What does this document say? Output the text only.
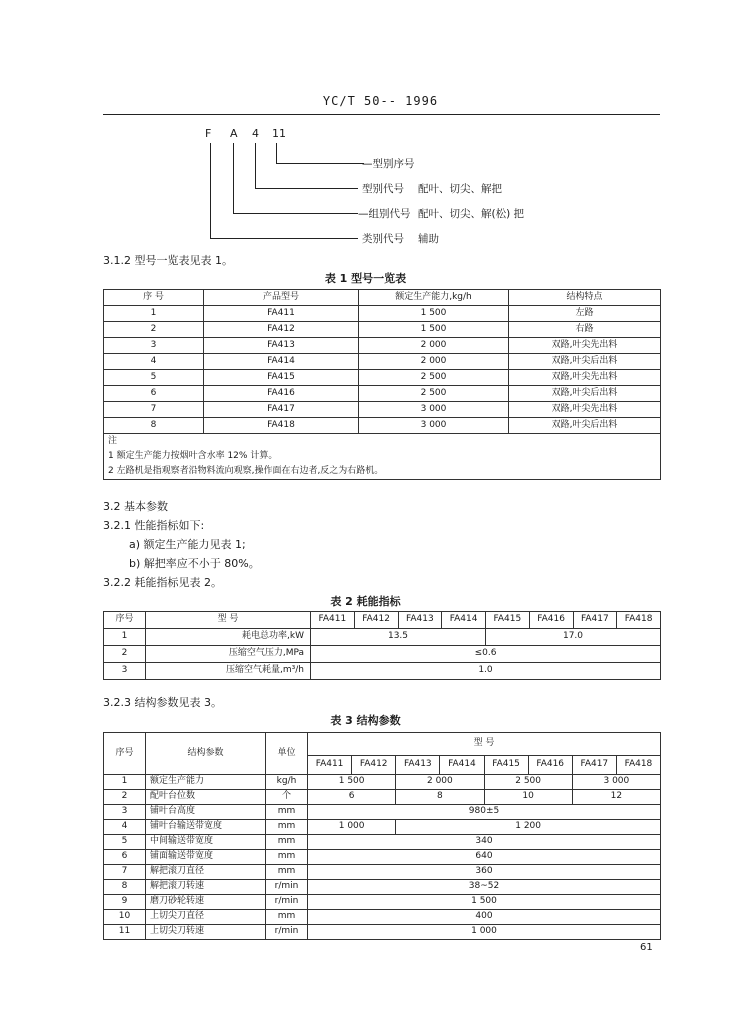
YC/T 50-- 1996
F A 4 11
—型别序号
型别代号 配叶、切尖、解把
—组别代号 配叶、切尖、解(松) 把
类别代号 辅助
3.1.2 型号一览表见表 1。
表 1 型号一览表
序 号	产品型号	额定生产能力,kg/h	结构特点
1	FA411	1 500	左路
2	FA412	1 500	右路
3	FA413	2 000	双路,叶尖先出料
4	FA414	2 000	双路,叶尖后出料
5	FA415	2 500	双路,叶尖先出料
6	FA416	2 500	双路,叶尖后出料
7	FA417	3 000	双路,叶尖先出料
8	FA418	3 000	双路,叶尖后出料

注
1 额定生产能力按烟叶含水率 12% 计算。
2 左路机是指观察者沿物料流向观察,操作面在右边者,反之为右路机。			
3.2 基本参数
3.2.1 性能指标如下:
a) 额定生产能力见表 1;
b) 解把率应不小于 80%。
3.2.2 耗能指标见表 2。
表 2 耗能指标
序号	型 号	FA411	FA412	FA413	FA414	FA415	FA416	FA417	FA418
1	耗电总功率,kW	13.5				17.0			
2	压缩空气压力,MPa	≤0.6							
3	压缩空气耗量,m³/h	1.0							
3.2.3 结构参数见表 3。
表 3 结构参数
序号	结构参数	单位	型 号							
			FA411	FA412	FA413	FA414	FA415	FA416	FA417	FA418
1	额定生产能力	kg/h	1 500		2 000		2 500		3 000	
2	配叶台位数	个	6		8		10		12	
3	铺叶台高度	mm	980±5							
4	铺叶台输送带宽度	mm	1 000		1 200					
5	中间输送带宽度	mm	340							
6	铺面输送带宽度	mm	640							
7	解把滚刀直径	mm	360							
8	解把滚刀转速	r/min	38~52							
9	磨刀砂轮转速	r/min	1 500							
10	上切尖刀直径	mm	400							
11	上切尖刀转速	r/min	1 000							
61
